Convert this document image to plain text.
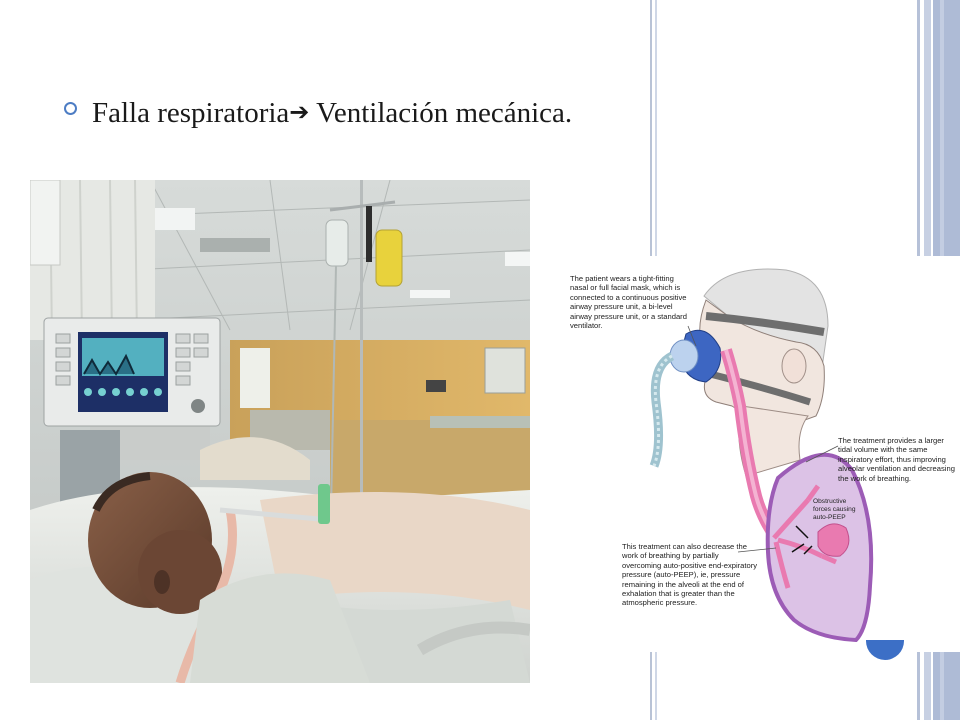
Falla respiratoria➔ Ventilación mecánica.
The patient wears a tight-fitting nasal or full facial mask, which is connected to a continuous positive airway pressure unit, a bi-level airway pressure unit, or a standard ventilator.
The treatment provides a larger tidal volume with the same inspiratory effort, thus improving alveolar ventilation and decreasing the work of breathing.
This treatment can also decrease the work of breathing by partially overcoming auto-positive end-expiratory pressure (auto-PEEP), ie, pressure remaining in the alveoli at the end of exhalation that is greater than the atmospheric pressure.
Obstructive forces causing auto-PEEP
